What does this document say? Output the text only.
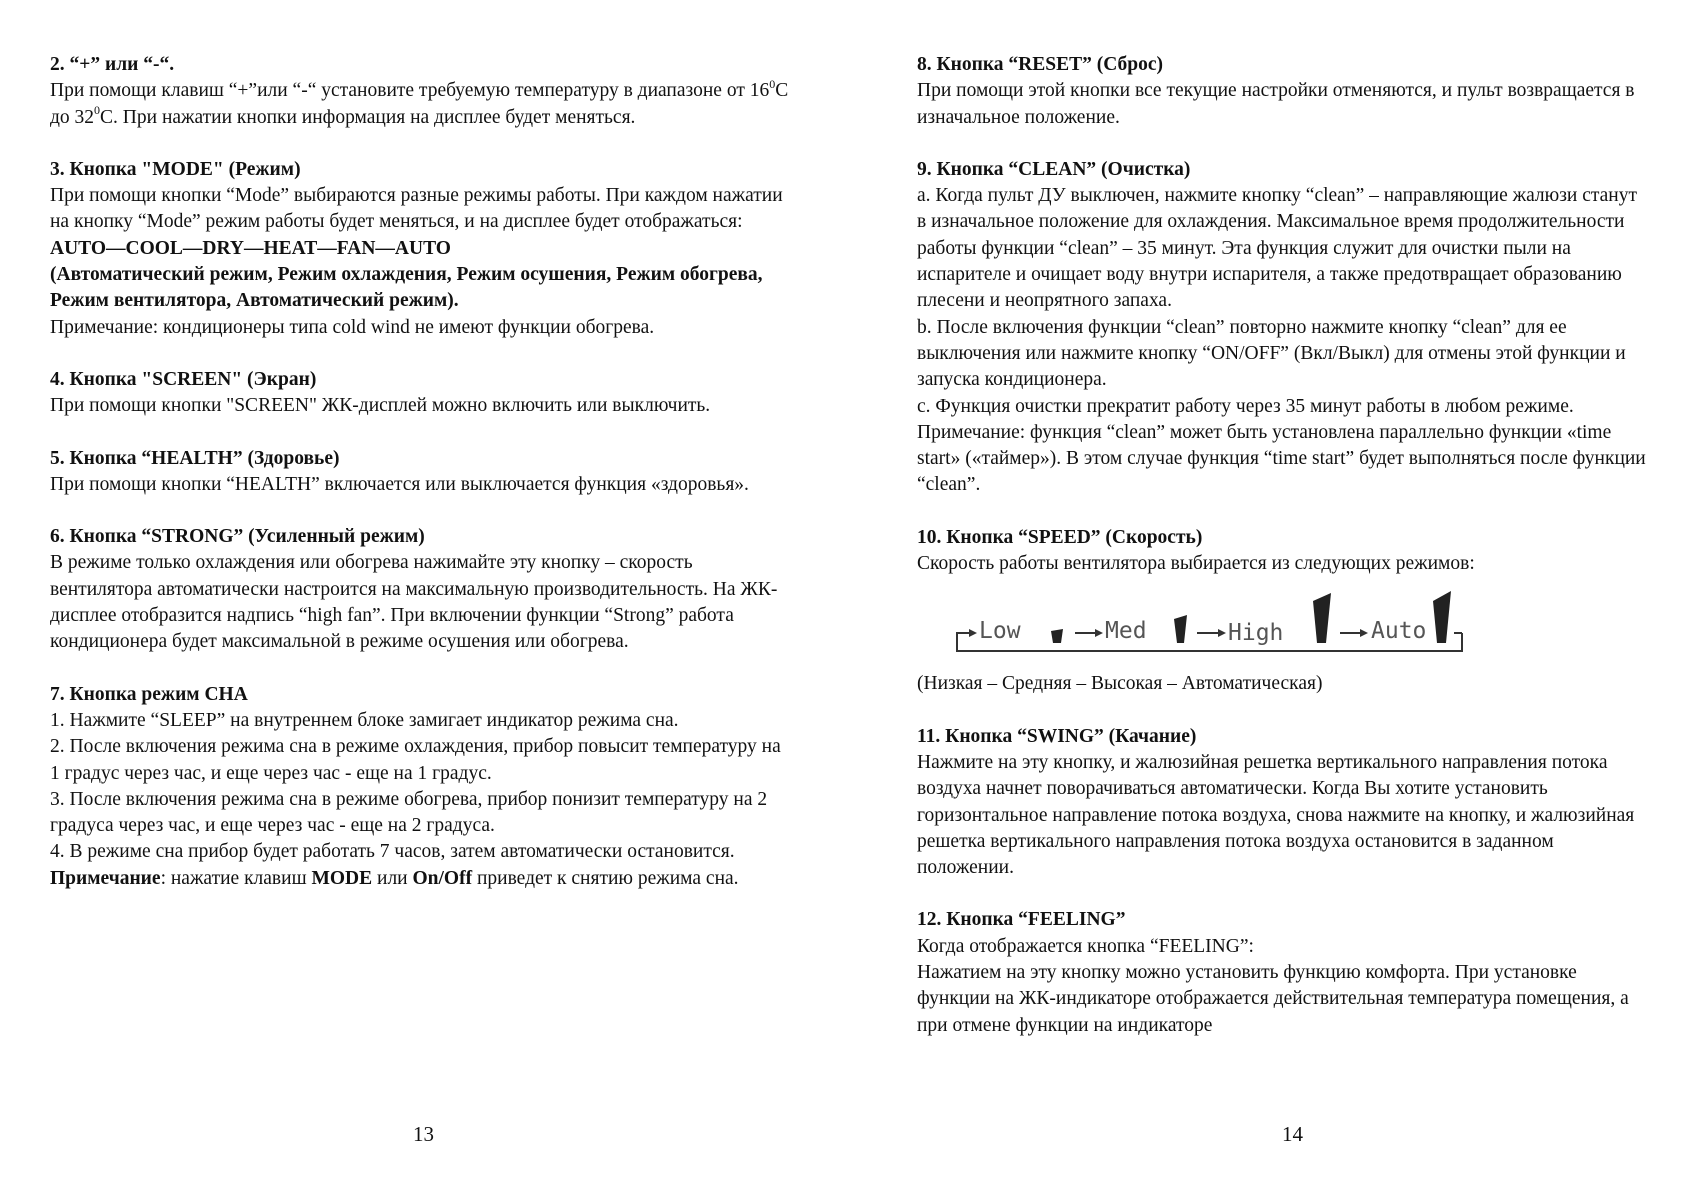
2. “+” или “-“.

При помощи клавиш “+”или “-“ установите требуемую температуру в диапазоне от $16^0С$ до $32^0С$. При нажатии кнопки информация на дисплее будет меняться.

3. Кнопка "MODE" (Режим)

При помощи кнопки “Mode” выбираются разные режимы работы. При каждом нажатии на кнопку “Mode” режим работы будет меняться, и на дисплее будет отображаться:

AUTO—COOL—DRY—HEAT—FAN—AUTO

(Автоматический режим, Режим охлаждения, Режим осушения, Режим обогрева, Режим вентилятора, Автоматический режим).

Примечание: кондиционеры типа cold wind не имеют функции обогрева.

4. Кнопка "SCREEN" (Экран)

При помощи кнопки "SCREEN" ЖК-дисплей можно включить или выключить.

5. Кнопка “HEALTH” (Здоровье)

При помощи кнопки “HEALTH” включается или выключается функция «здоровья».

6. Кнопка “STRONG” (Усиленный режим)

В режиме только охлаждения или обогрева нажимайте эту кнопку – скорость вентилятора автоматически настроится на максимальную производительность. На ЖК-дисплее отобразится надпись “high fan”. При включении функции “Strong” работа кондиционера будет максимальной в режиме осушения или обогрева.

7. Кнопка режим СНА

1. Нажмите “SLEEP” на внутреннем блоке замигает индикатор режима сна.

2. После включения режима сна в режиме охлаждения, прибор повысит температуру на 1 градус через час, и еще через час - еще на 1 градус.

3. После включения режима сна в режиме обогрева, прибор понизит температуру на 2 градуса через час, и еще через час - еще на 2 градуса.

4. В режиме сна прибор будет работать 7 часов, затем автоматически остановится.

Примечание: нажатие клавиш MODE или On/Off приведет к снятию режима сна.

13
8. Кнопка “RESET” (Сброс)

При помощи этой кнопки все текущие настройки отменяются, и пульт возвращается в изначальное положение.

9. Кнопка “CLEAN” (Очистка)

a. Когда пульт ДУ выключен, нажмите кнопку “clean” – направляющие жалюзи станут в изначальное положение для охлаждения. Максимальное время продолжительности работы функции “clean” – 35 минут. Эта функция служит для очистки пыли на испарителе и очищает воду внутри испарителя, а также предотвращает образованию плесени и неопрятного запаха.

b. После включения функции “clean” повторно нажмите кнопку “clean” для ее выключения или нажмите кнопку “ON/OFF” (Вкл/Выкл) для отмены этой функции и запуска кондиционера.

c. Функция очистки прекратит работу через 35 минут работы в любом режиме.

Примечание: функция “clean” может быть установлена параллельно функции «time start» («таймер»). В этом случае функция “time start” будет выполняться после функции “clean”.

10. Кнопка “SPEED” (Скорость)

Скорость работы вентилятора выбирается из следующих режимов:

Low	Med	High	Auto

(Низкая – Средняя – Высокая – Автоматическая)

11. Кнопка “SWING” (Качание)

Нажмите на эту кнопку, и жалюзийная решетка вертикального направления потока воздуха начнет поворачиваться автоматически. Когда Вы хотите установить горизонтальное направление потока воздуха, снова нажмите на кнопку, и жалюзийная решетка вертикального направления потока воздуха остановится в заданном положении.

12. Кнопка “FEELING”

Когда отображается кнопка “FEELING”:

Нажатием на эту кнопку можно установить функцию комфорта. При установке функции на ЖК-индикаторе отображается действительная температура помещения, а при отмене функции на индикаторе

14
